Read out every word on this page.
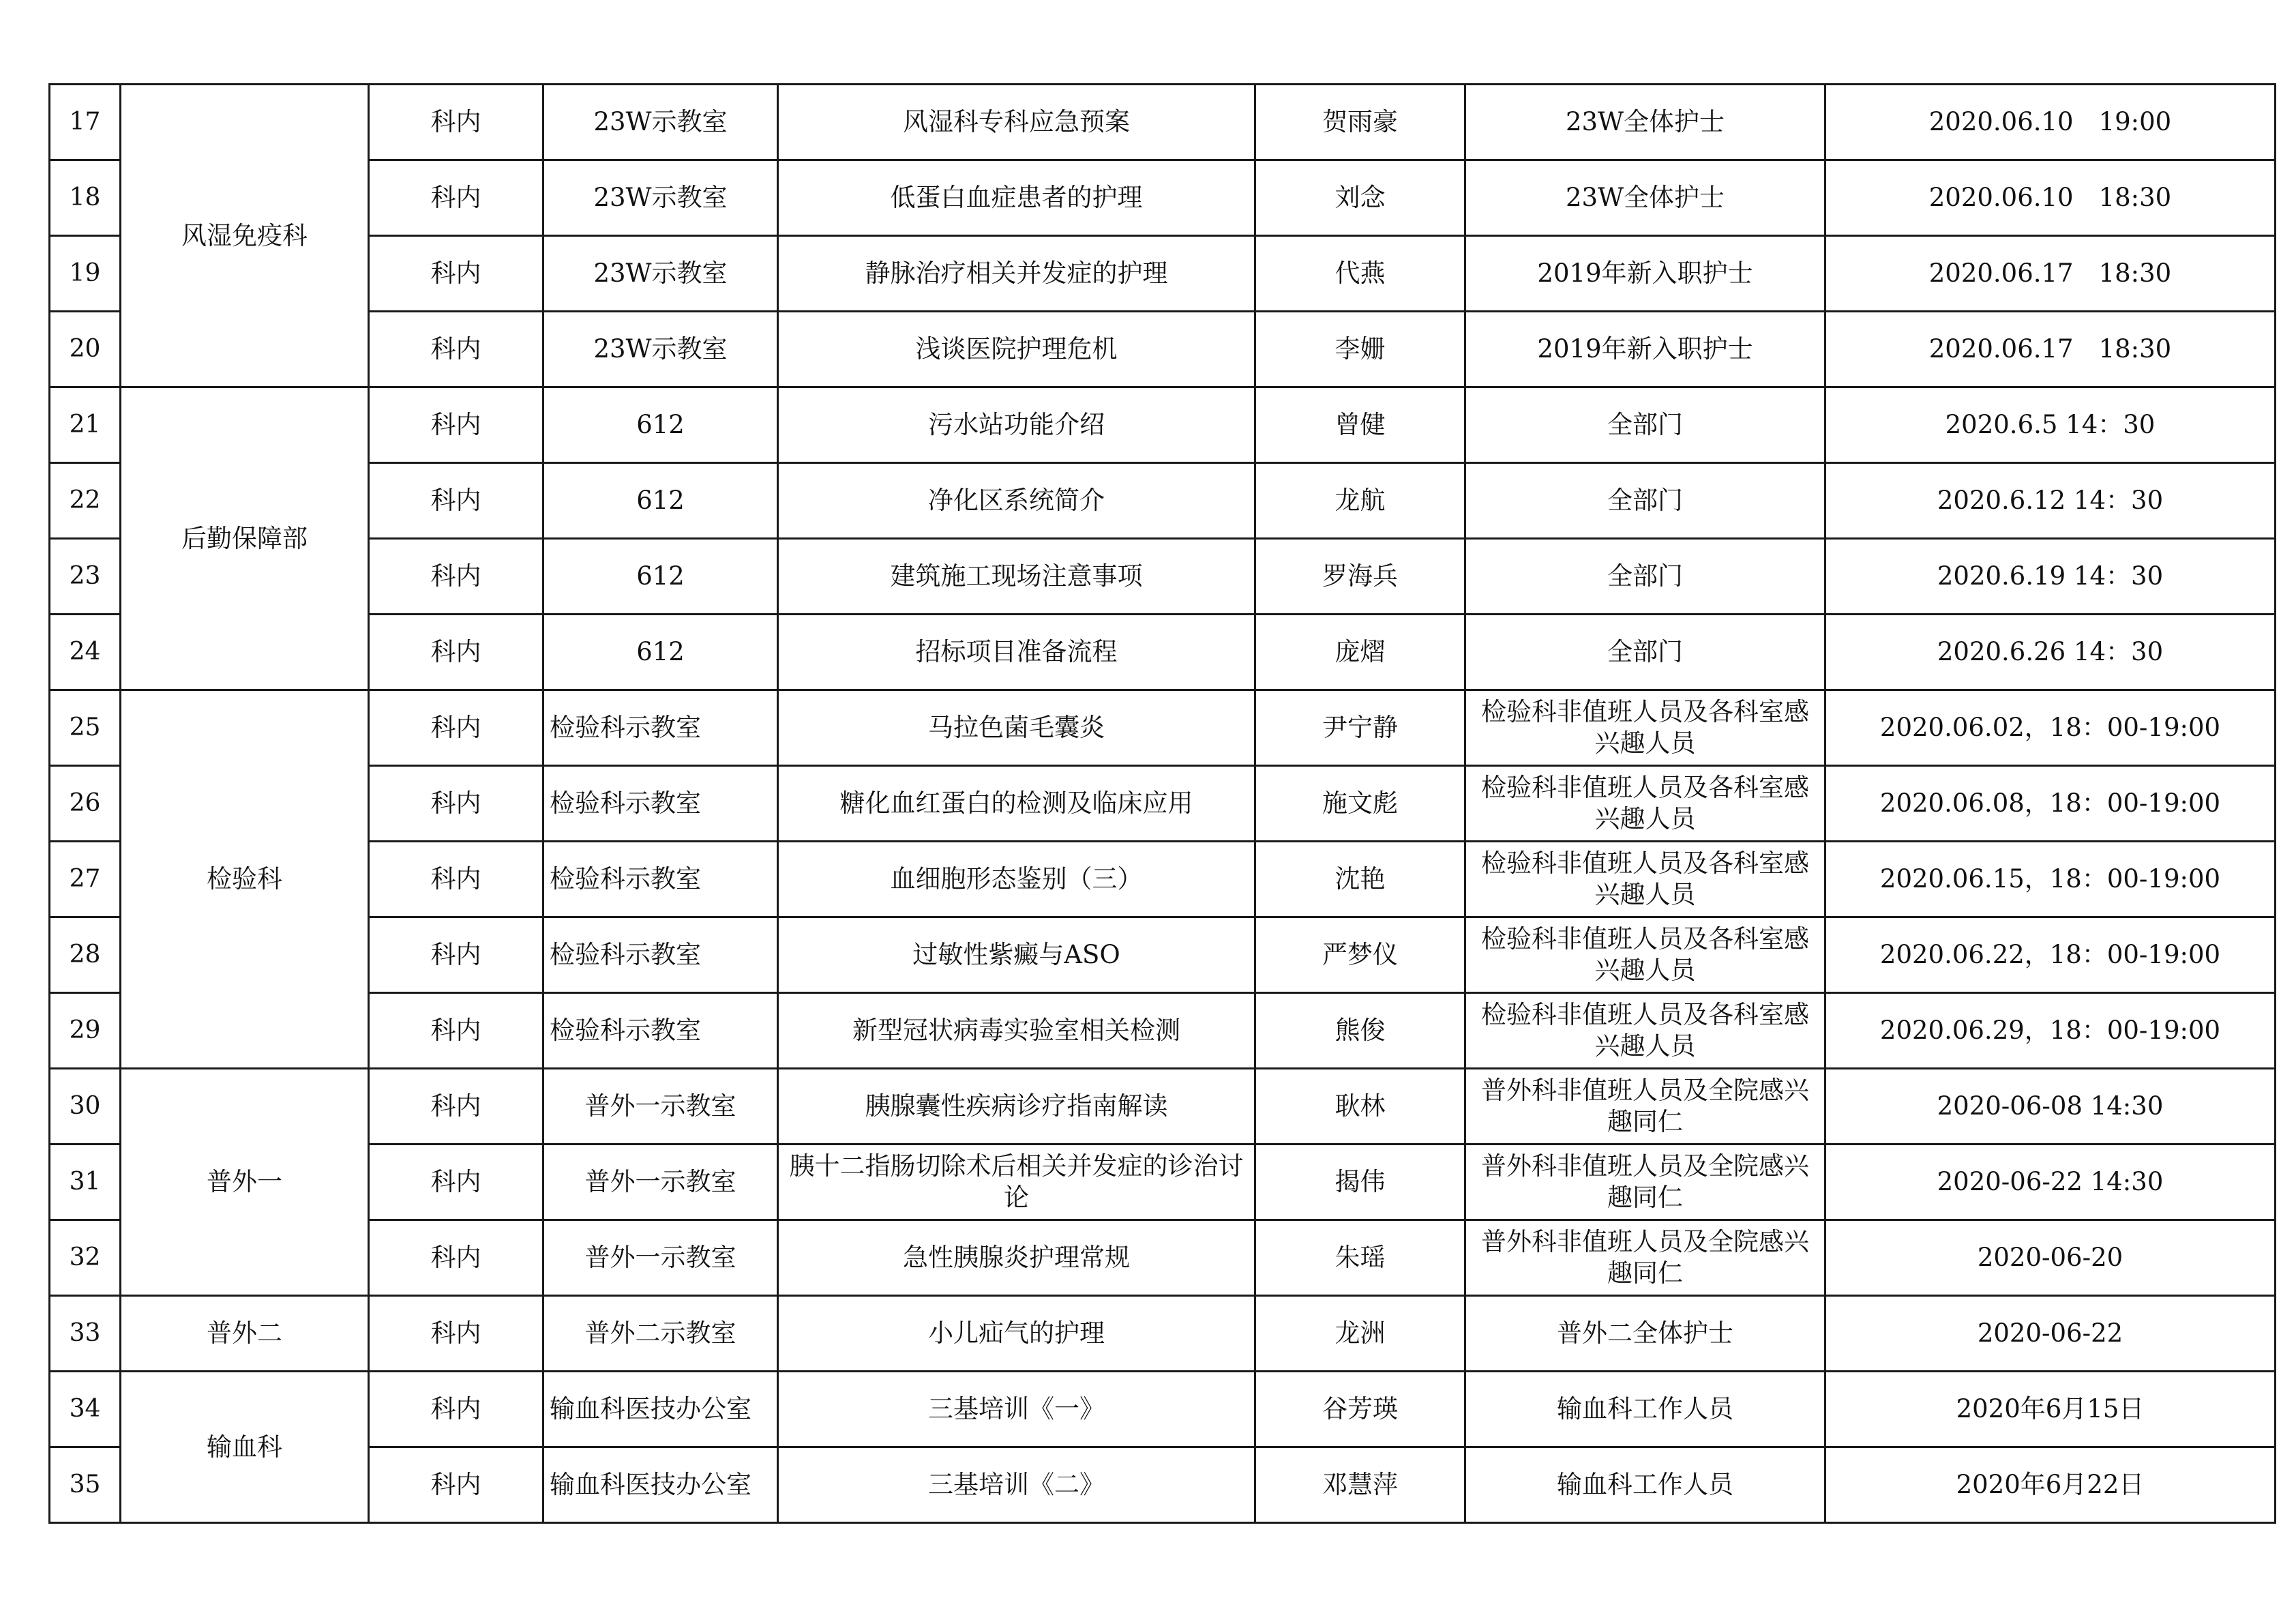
17	风湿免疫科	科内	23W示教室	风湿科专科应急预案	贺雨豪	23W全体护士	2020.06.10　19:00
18		科内	23W示教室	低蛋白血症患者的护理	刘念	23W全体护士	2020.06.10　18:30
19		科内	23W示教室	静脉治疗相关并发症的护理	代燕	2019年新入职护士	2020.06.17　18:30
20		科内	23W示教室	浅谈医院护理危机	李姗	2019年新入职护士	2020.06.17　18:30
21	后勤保障部	科内	612	污水站功能介绍	曾健	全部门	2020.6.5 14：30
22		科内	612	净化区系统简介	龙航	全部门	2020.6.12 14：30
23		科内	612	建筑施工现场注意事项	罗海兵	全部门	2020.6.19 14：30
24		科内	612	招标项目准备流程	庞熠	全部门	2020.6.26 14：30
25	检验科	科内	检验科示教室	马拉色菌毛囊炎	尹宁静	检验科非值班人员及各科室感兴趣人员	2020.06.02，18：00-19:00
26		科内	检验科示教室	糖化血红蛋白的检测及临床应用	施文彪	检验科非值班人员及各科室感兴趣人员	2020.06.08，18：00-19:00
27		科内	检验科示教室	血细胞形态鉴别（三）	沈艳	检验科非值班人员及各科室感兴趣人员	2020.06.15，18：00-19:00
28		科内	检验科示教室	过敏性紫癜与ASO	严梦仪	检验科非值班人员及各科室感兴趣人员	2020.06.22，18：00-19:00
29		科内	检验科示教室	新型冠状病毒实验室相关检测	熊俊	检验科非值班人员及各科室感兴趣人员	2020.06.29，18：00-19:00
30	普外一	科内	普外一示教室	胰腺囊性疾病诊疗指南解读	耿林	普外科非值班人员及全院感兴趣同仁	2020-06-08 14:30
31		科内	普外一示教室	胰十二指肠切除术后相关并发症的诊治讨论	揭伟	普外科非值班人员及全院感兴趣同仁	2020-06-22 14:30
32		科内	普外一示教室	急性胰腺炎护理常规	朱瑶	普外科非值班人员及全院感兴趣同仁	2020-06-20
33	普外二	科内	普外二示教室	小儿疝气的护理	龙洲	普外二全体护士	2020-06-22
34	输血科	科内	输血科医技办公室	三基培训《一》	谷芳瑛	输血科工作人员	2020年6月15日
35		科内	输血科医技办公室	三基培训《二》	邓慧萍	输血科工作人员	2020年6月22日
